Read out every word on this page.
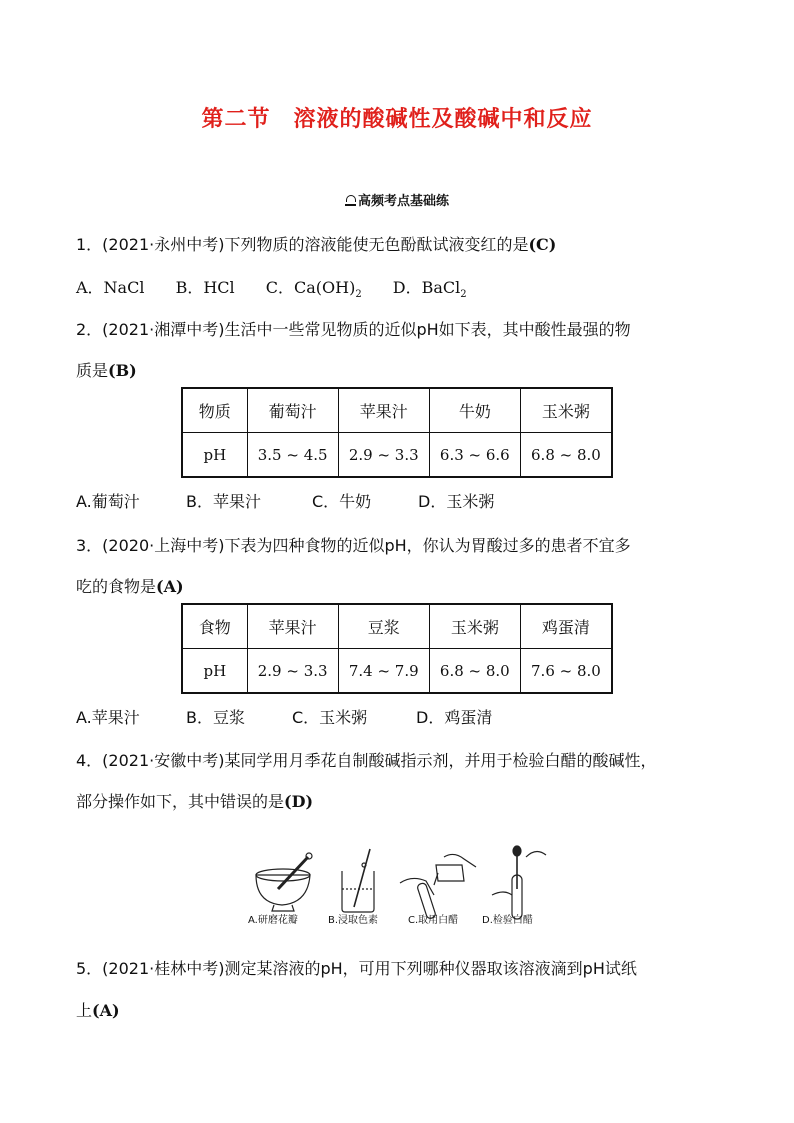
第二节　溶液的酸碱性及酸碱中和反应
高频考点基础练
1．(2021·永州中考)下列物质的溶液能使无色酚酞试液变红的是(C)
A．NaCl B．HCl C．$Ca(OH)_2$ D．BaCl$_2$
2．(2021·湘潭中考)生活中一些常见物质的近似pH如下表，其中酸性最强的物
质是(B)
物质	葡萄汁	苹果汁	牛奶	玉米粥
pH	3.5 ~ 4.5	2.9 ~ 3.3	6.3 ~ 6.6	6.8 ~ 8.0
A.葡萄汁	B．苹果汁	C．牛奶	D．玉米粥
3．(2020·上海中考)下表为四种食物的近似pH，你认为胃酸过多的患者不宜多
吃的食物是(A)
食物	苹果汁	豆浆	玉米粥	鸡蛋清
pH	2.9 ~ 3.3	7.4 ~ 7.9	6.8 ~ 8.0	7.6 ~ 8.0
A.苹果汁	B．豆浆	C．玉米粥	D．鸡蛋清
4．(2021·安徽中考)某同学用月季花自制酸碱指示剂，并用于检验白醋的酸碱性，
部分操作如下，其中错误的是(D)
A.研磨花瓣	B.浸取色素	C.取用白醋 D.检验白醋
5．(2021·桂林中考)测定某溶液的pH，可用下列哪种仪器取该溶液滴到pH试纸
上(A)
